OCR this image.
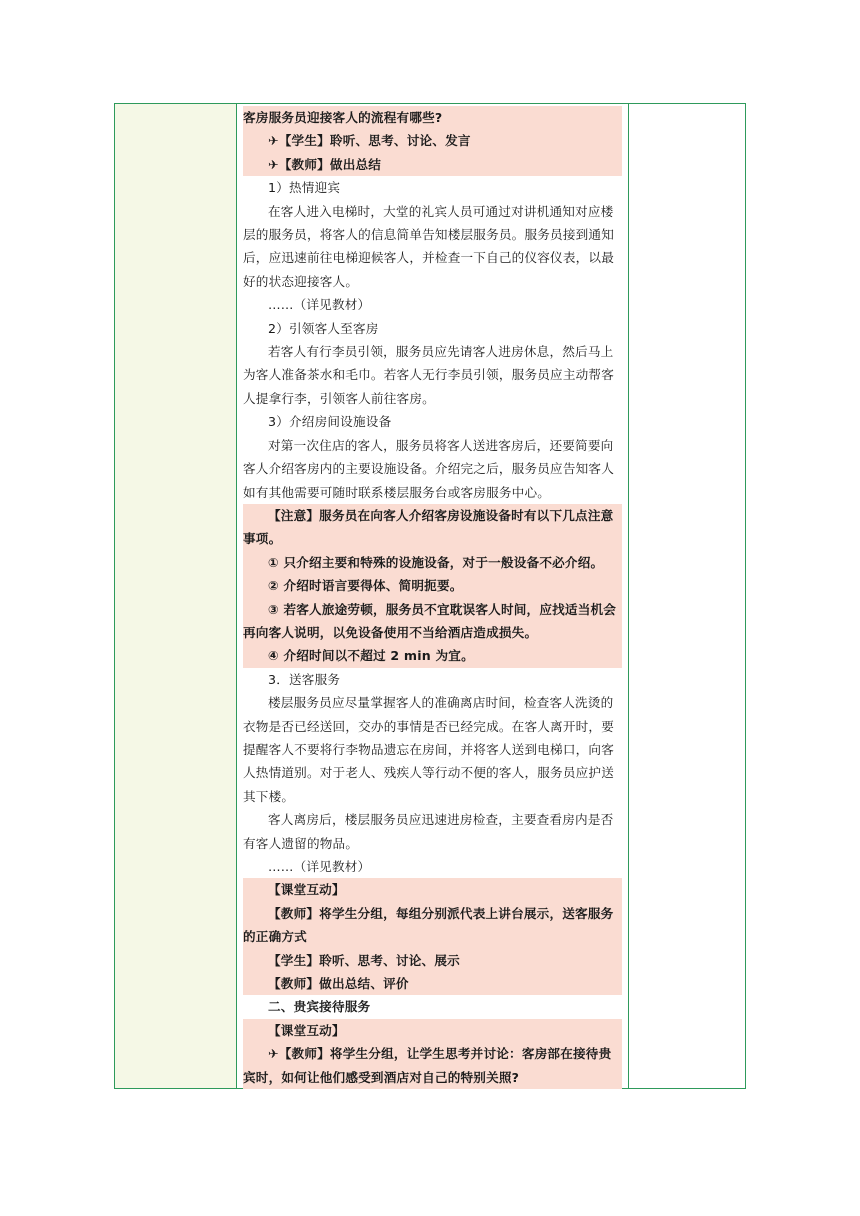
客房服务员迎接客人的流程有哪些?
✈【学生】聆听、思考、讨论、发言
✈【教师】做出总结
1）热情迎宾
在客人进入电梯时，大堂的礼宾人员可通过对讲机通知对应楼
层的服务员，将客人的信息简单告知楼层服务员。服务员接到通知
后，应迅速前往电梯迎候客人，并检查一下自己的仪容仪表，以最
好的状态迎接客人。
……（详见教材）
2）引领客人至客房
若客人有行李员引领，服务员应先请客人进房休息，然后马上
为客人准备茶水和毛巾。若客人无行李员引领，服务员应主动帮客
人提拿行李，引领客人前往客房。
3）介绍房间设施设备
对第一次住店的客人，服务员将客人送进客房后，还要简要向
客人介绍客房内的主要设施设备。介绍完之后，服务员应告知客人
如有其他需要可随时联系楼层服务台或客房服务中心。
【注意】服务员在向客人介绍客房设施设备时有以下几点注意
事项。
① 只介绍主要和特殊的设施设备，对于一般设备不必介绍。
② 介绍时语言要得体、简明扼要。
③ 若客人旅途劳顿，服务员不宜耽误客人时间，应找适当机会
再向客人说明，以免设备使用不当给酒店造成损失。
④ 介绍时间以不超过 2 min 为宜。
3．送客服务
楼层服务员应尽量掌握客人的准确离店时间，检查客人洗烫的
衣物是否已经送回，交办的事情是否已经完成。在客人离开时，要
提醒客人不要将行李物品遗忘在房间，并将客人送到电梯口，向客
人热情道别。对于老人、残疾人等行动不便的客人，服务员应护送
其下楼。
客人离房后，楼层服务员应迅速进房检查，主要查看房内是否
有客人遗留的物品。
……（详见教材）
【课堂互动】
【教师】将学生分组，每组分别派代表上讲台展示，送客服务
的正确方式
【学生】聆听、思考、讨论、展示
【教师】做出总结、评价
二、贵宾接待服务
【课堂互动】
✈【教师】将学生分组，让学生思考并讨论：客房部在接待贵
宾时，如何让他们感受到酒店对自己的特别关照?
